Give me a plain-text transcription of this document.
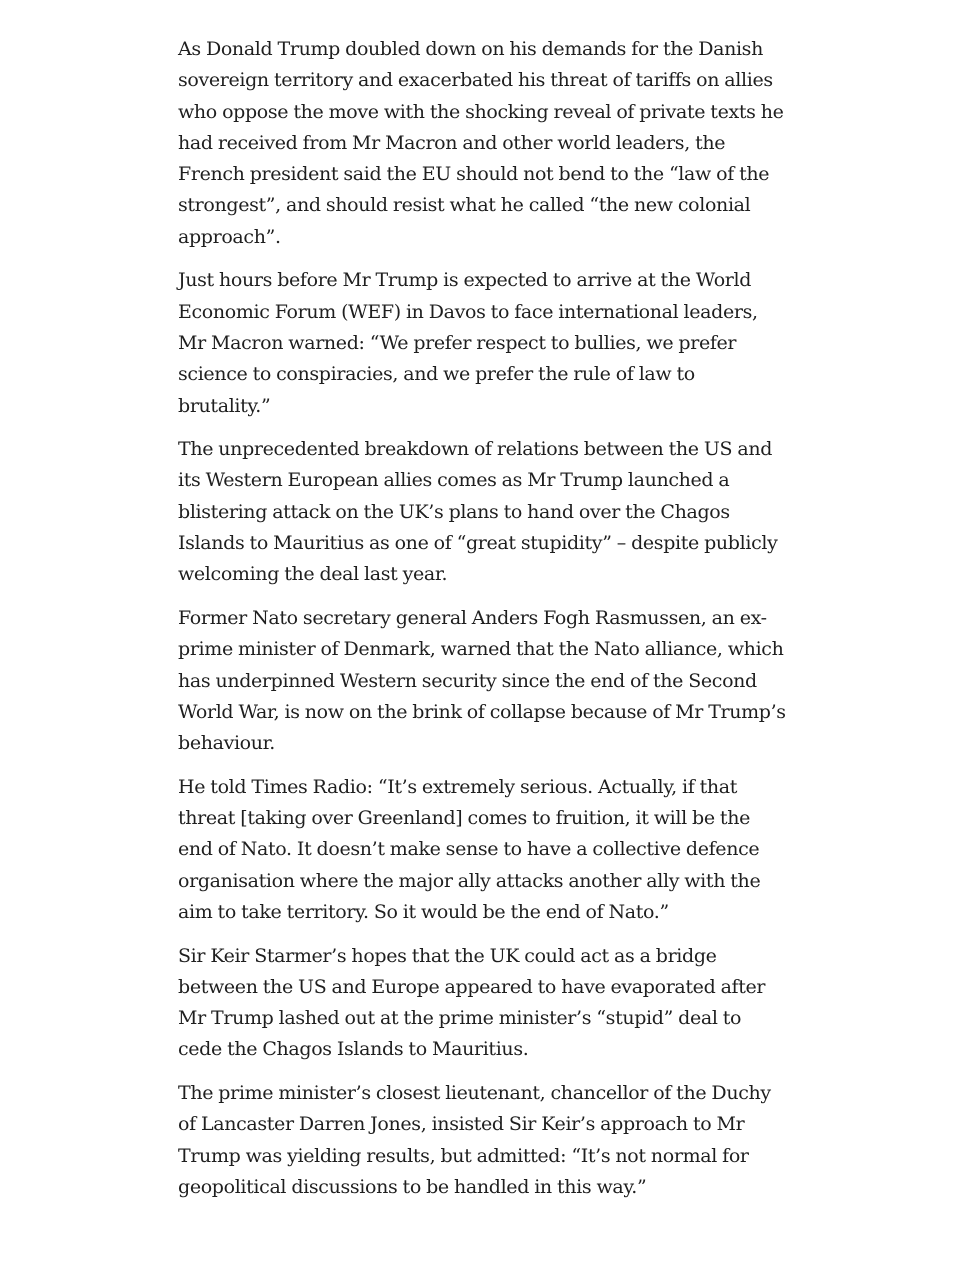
As Donald Trump doubled down on his demands for the Danish sovereign territory and exacerbated his threat of tariffs on allies who oppose the move with the shocking reveal of private texts he had received from Mr Macron and other world leaders, the French president said the EU should not bend to the “law of the strongest”, and should resist what he called “the new colonial approach”.

Just hours before Mr Trump is expected to arrive at the World Economic Forum (WEF) in Davos to face international leaders, Mr Macron warned: “We prefer respect to bullies, we prefer science to conspiracies, and we prefer the rule of law to brutality.”

The unprecedented breakdown of relations between the US and its Western European allies comes as Mr Trump launched a blistering attack on the UK’s plans to hand over the Chagos Islands to Mauritius as one of “great stupidity” – despite publicly welcoming the deal last year.

Former Nato secretary general Anders Fogh Rasmussen, an ex-prime minister of Denmark, warned that the Nato alliance, which has underpinned Western security since the end of the Second World War, is now on the brink of collapse because of Mr Trump’s behaviour.

He told Times Radio: “It’s extremely serious. Actually, if that threat [taking over Greenland] comes to fruition, it will be the end of Nato. It doesn’t make sense to have a collective defence organisation where the major ally attacks another ally with the aim to take territory. So it would be the end of Nato.”

Sir Keir Starmer’s hopes that the UK could act as a bridge between the US and Europe appeared to have evaporated after Mr Trump lashed out at the prime minister’s “stupid” deal to cede the Chagos Islands to Mauritius.

The prime minister’s closest lieutenant, chancellor of the Duchy of Lancaster Darren Jones, insisted Sir Keir’s approach to Mr Trump was yielding results, but admitted: “It’s not normal for geopolitical discussions to be handled in this way.”
